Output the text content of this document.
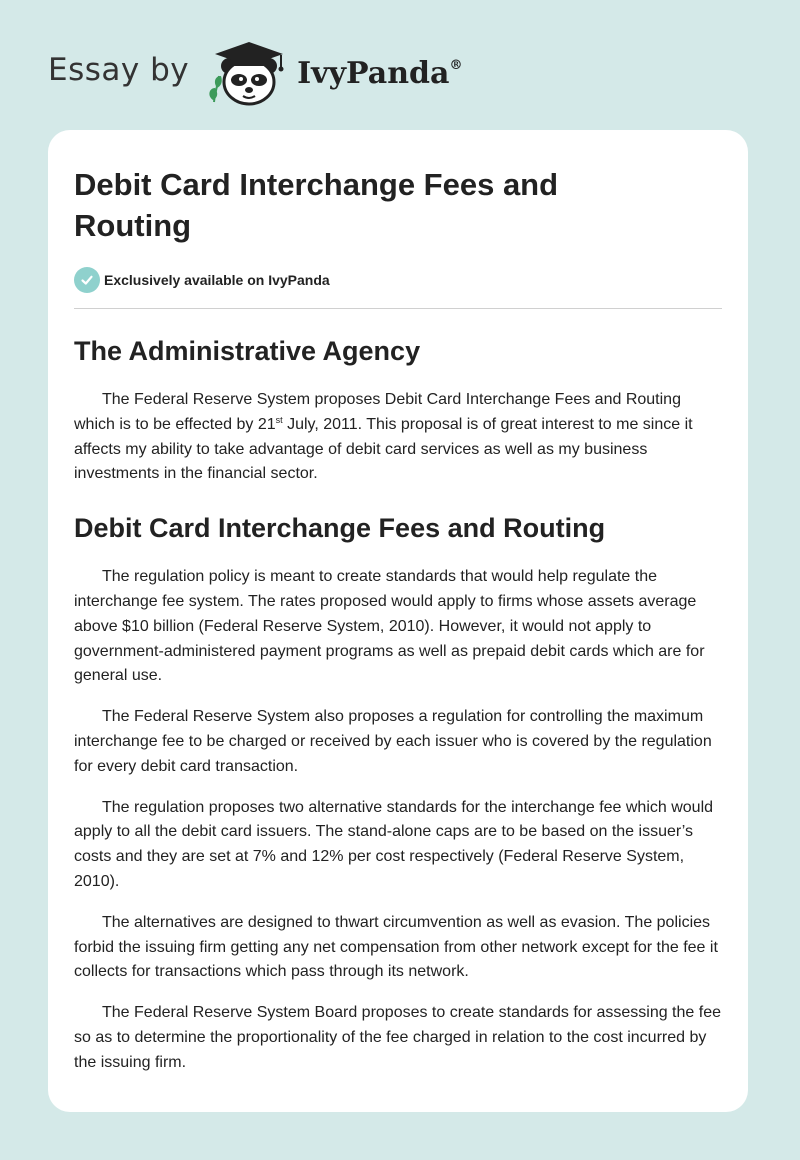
Essay by	IvyPanda®
Debit Card Interchange Fees and Routing
Exclusively available on IvyPanda
The Administrative Agency

The Federal Reserve System proposes Debit Card Interchange Fees and Routing which is to be effected by 21st July, 2011. This proposal is of great interest to me since it affects my ability to take advantage of debit card services as well as my business investments in the financial sector.

Debit Card Interchange Fees and Routing

The regulation policy is meant to create standards that would help regulate the interchange fee system. The rates proposed would apply to firms whose assets average above $10 billion (Federal Reserve System, 2010). However, it would not apply to government-administered payment programs as well as prepaid debit cards which are for general use.

The Federal Reserve System also proposes a regulation for controlling the maximum interchange fee to be charged or received by each issuer who is covered by the regulation for every debit card transaction.

The regulation proposes two alternative standards for the interchange fee which would apply to all the debit card issuers. The stand-alone caps are to be based on the issuer’s costs and they are set at 7% and 12% per cost respectively (Federal Reserve System, 2010).

The alternatives are designed to thwart circumvention as well as evasion. The policies forbid the issuing firm getting any net compensation from other network except for the fee it collects for transactions which pass through its network.

The Federal Reserve System Board proposes to create standards for assessing the fee so as to determine the proportionality of the fee charged in relation to the cost incurred by the issuing firm.
